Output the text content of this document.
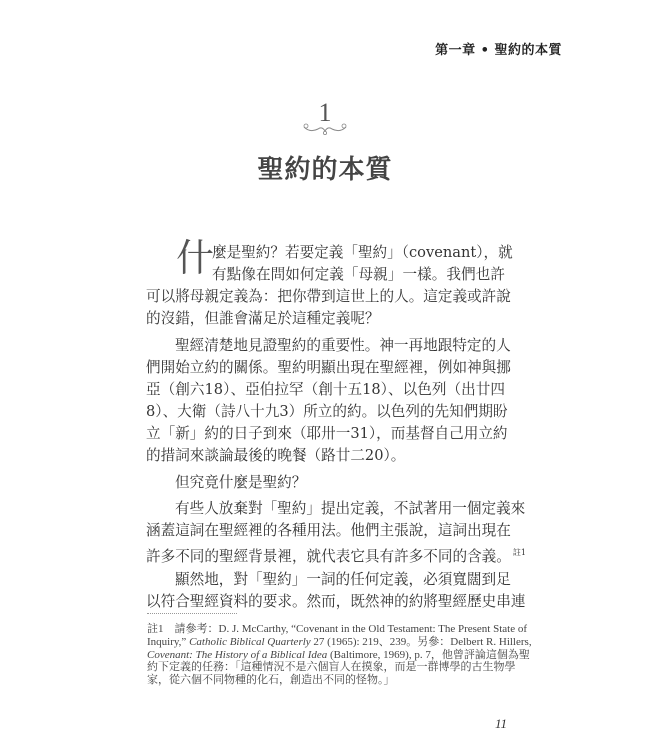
第一章 • 聖約的本質
1
聖約的本質
什
麼是聖約？若要定義「聖約」（covenant），就
有點像在問如何定義「母親」一樣。我們也許
可以將母親定義為：把你帶到這世上的人。這定義或許說
的沒錯，但誰會滿足於這種定義呢？
聖經清楚地見證聖約的重要性。神一再地跟特定的人
們開始立約的關係。聖約明顯出現在聖經裡，例如神與挪
亞（創六18）、亞伯拉罕（創十五18）、以色列（出廿四
8）、大衛（詩八十九3）所立的約。以色列的先知們期盼
立「新」約的日子到來（耶卅一31），而基督自己用立約
的措詞來談論最後的晚餐（路廿二20）。
但究竟什麼是聖約？
有些人放棄對「聖約」提出定義，不試著用一個定義來
涵蓋這詞在聖經裡的各種用法。他們主張說，這詞出現在
許多不同的聖經背景裡，就代表它具有許多不同的含義。 $^{註1}$
顯然地，對「聖約」一詞的任何定義，必須寬闊到足
以符合聖經資料的要求。然而，既然神的約將聖經歷史串連
註1　請參考：D. J. McCarthy, “Covenant in the Old Testament: The Present State of
Inquiry,” Catholic Biblical Quarterly 27 (1965): 219、239。另參：Delbert R. Hillers,
Covenant: The History of a Biblical Idea (Baltimore, 1969), p. 7，他曾評論這個為聖
約下定義的任務：「這種情況不是六個盲人在摸象，而是一群博學的古生物學
家，從六個不同物種的化石，創造出不同的怪物。」
11
